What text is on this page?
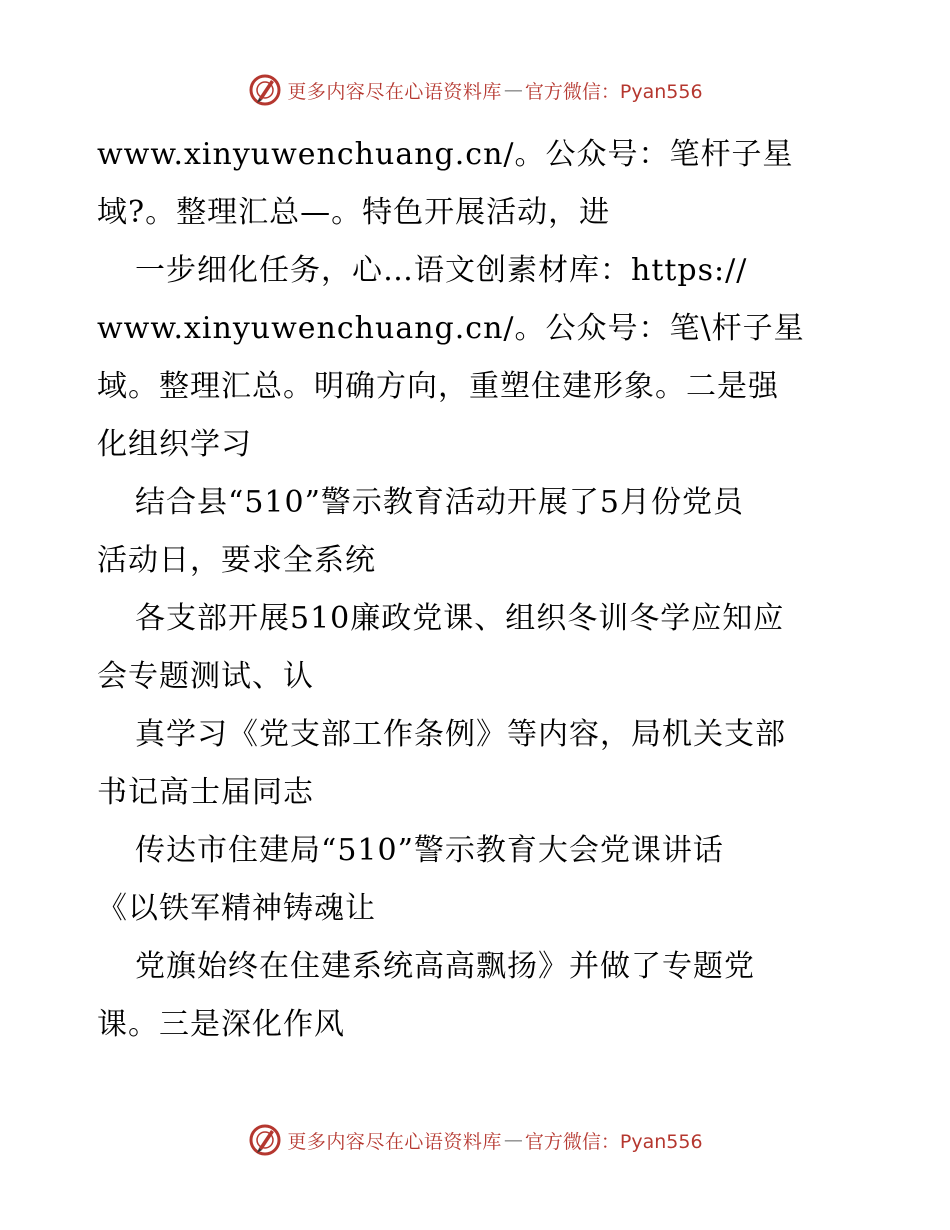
更多内容尽在心语资料库 — 官方微信：Pyan556
www.xinyuwenchuang.cn/。公众号：笔杆子星
域?。整理汇总—。特色开展活动，进
一步细化任务，心…语文创素材库：https://
www.xinyuwenchuang.cn/。公众号：笔\杆子星
域。整理汇总。明确方向，重塑住建形象。二是强
化组织学习
结合县“510”警示教育活动开展了5月份党员
活动日，要求全系统
各支部开展510廉政党课、组织冬训冬学应知应
会专题测试、认
真学习《党支部工作条例》等内容，局机关支部
书记高士届同志
传达市住建局“510”警示教育大会党课讲话
《以铁军精神铸魂让
党旗始终在住建系统高高飘扬》并做了专题党
课。三是深化作风
更多内容尽在心语资料库 — 官方微信：Pyan556
